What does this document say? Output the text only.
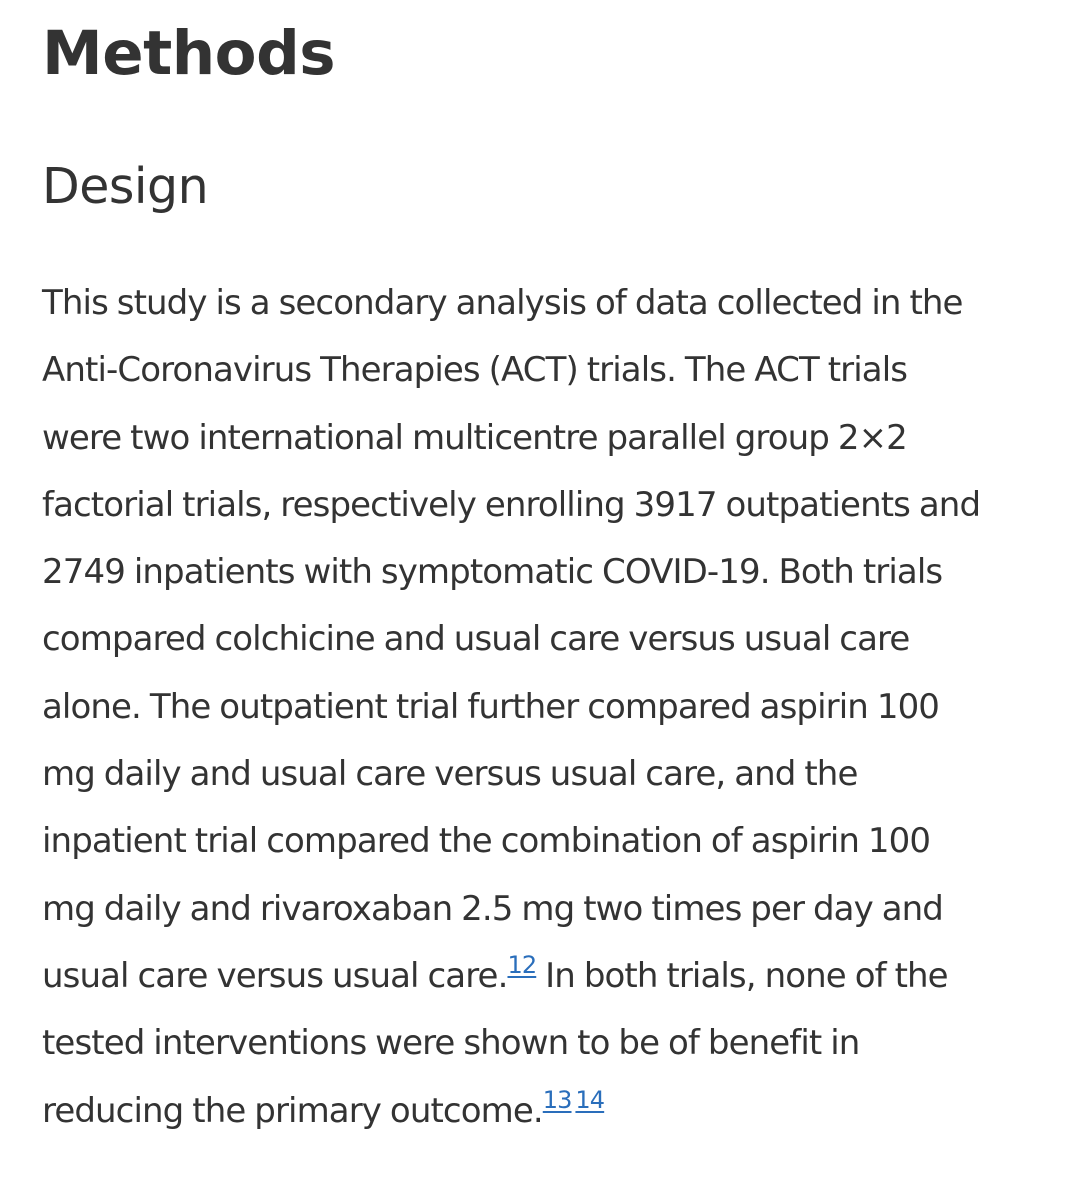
Methods
Design

This study is a secondary analysis of data collected in the
Anti-Coronavirus Therapies (ACT) trials. The ACT trials
were two international multicentre parallel group 2×2
factorial trials, respectively enrolling 3917 outpatients and
2749 inpatients with symptomatic COVID-19. Both trials
compared colchicine and usual care versus usual care
alone. The outpatient trial further compared aspirin 100
mg daily and usual care versus usual care, and the
inpatient trial compared the combination of aspirin 100
mg daily and rivaroxaban 2.5 mg two times per day and
usual care versus usual care.$^{12}$ In both trials, none of the
tested interventions were shown to be of benefit in
reducing the primary outcome.$^{13 14}$
